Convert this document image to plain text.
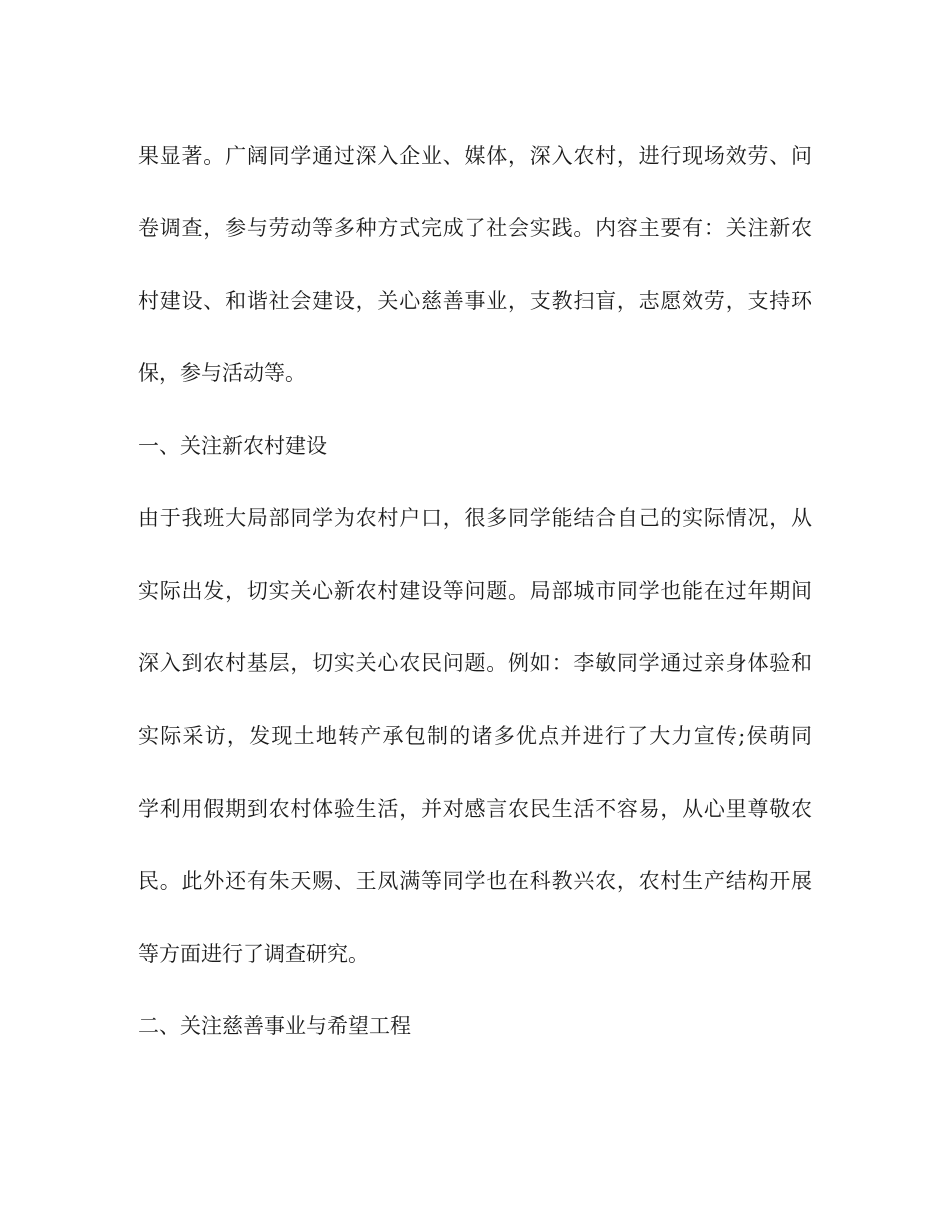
果显著。广阔同学通过深入企业、媒体，深入农村，进行现场效劳、问

卷调查，参与劳动等多种方式完成了社会实践。内容主要有：关注新农

村建设、和谐社会建设，关心慈善事业，支教扫盲，志愿效劳，支持环

保，参与活动等。

一、关注新农村建设

由于我班大局部同学为农村户口，很多同学能结合自己的实际情况，从

实际出发，切实关心新农村建设等问题。局部城市同学也能在过年期间

深入到农村基层，切实关心农民问题。例如：李敏同学通过亲身体验和

实际采访，发现土地转产承包制的诸多优点并进行了大力宣传;侯萌同

学利用假期到农村体验生活，并对感言农民生活不容易，从心里尊敬农

民。此外还有朱天赐、王凤满等同学也在科教兴农，农村生产结构开展

等方面进行了调查研究。

二、关注慈善事业与希望工程
